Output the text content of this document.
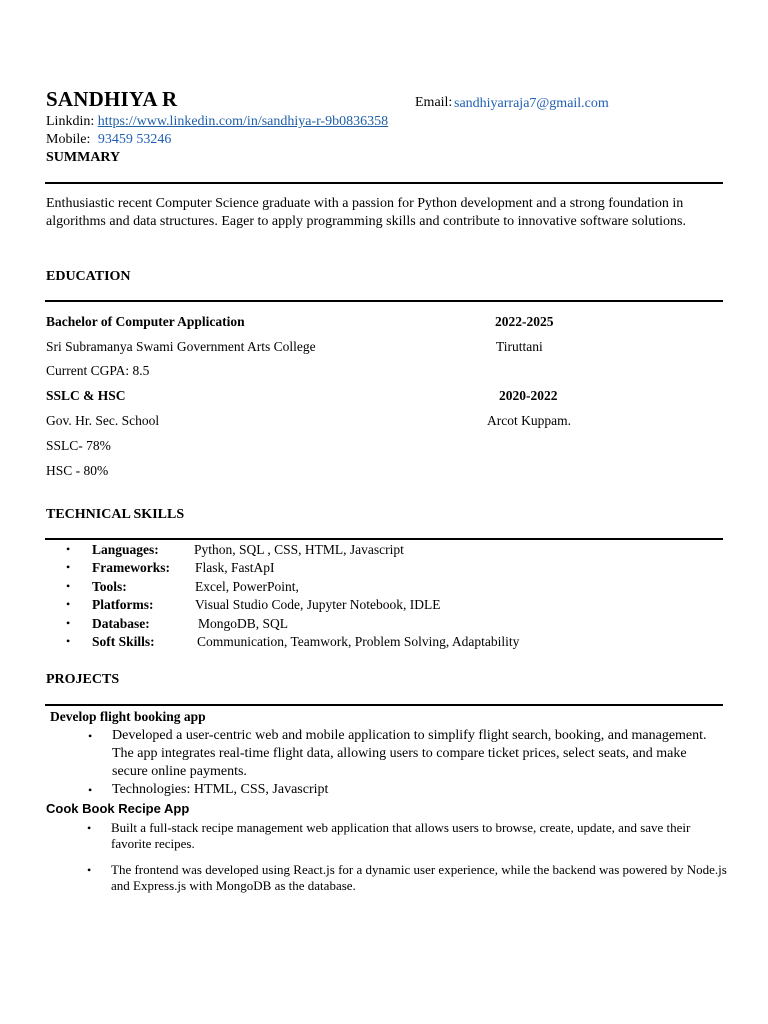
SANDHIYA R	Email: sandhiyarraja7@gmail.com
Linkdin: https://www.linkedin.com/in/sandhiya-r-9b0836358
Mobile: 93459 53246
SUMMARY
Enthusiastic recent Computer Science graduate with a passion for Python development and a strong foundation in algorithms and data structures. Eager to apply programming skills and contribute to innovative software solutions.
EDUCATION
Bachelor of Computer Application	2022-2025
Sri Subramanya Swami Government Arts College	Tiruttani
Current CGPA: 8.5
SSLC & HSC	2020-2022
Gov. Hr. Sec. School	Arcot Kuppam.
SSLC- 78%
HSC - 80%
TECHNICAL SKILLS
• Languages:	Python, SQL , CSS, HTML, Javascript
• Frameworks: Flask, FastApI
• Tools:	Excel, PowerPoint,
• Platforms:	Visual Studio Code, Jupyter Notebook, IDLE
• Database:	MongoDB, SQL
• Soft Skills:	Communication, Teamwork, Problem Solving, Adaptability
PROJECTS
Develop flight booking app
• Developed a user-centric web and mobile application to simplify flight search, booking, and management. The app integrates real-time flight data, allowing users to compare ticket prices, select seats, and make secure online payments.
• Technologies: HTML, CSS, Javascript
Cook Book Recipe App
• Built a full-stack recipe management web application that allows users to browse, create, update, and save their favorite recipes.
• The frontend was developed using React.js for a dynamic user experience, while the backend was powered by Node.js and Express.js with MongoDB as the database.
